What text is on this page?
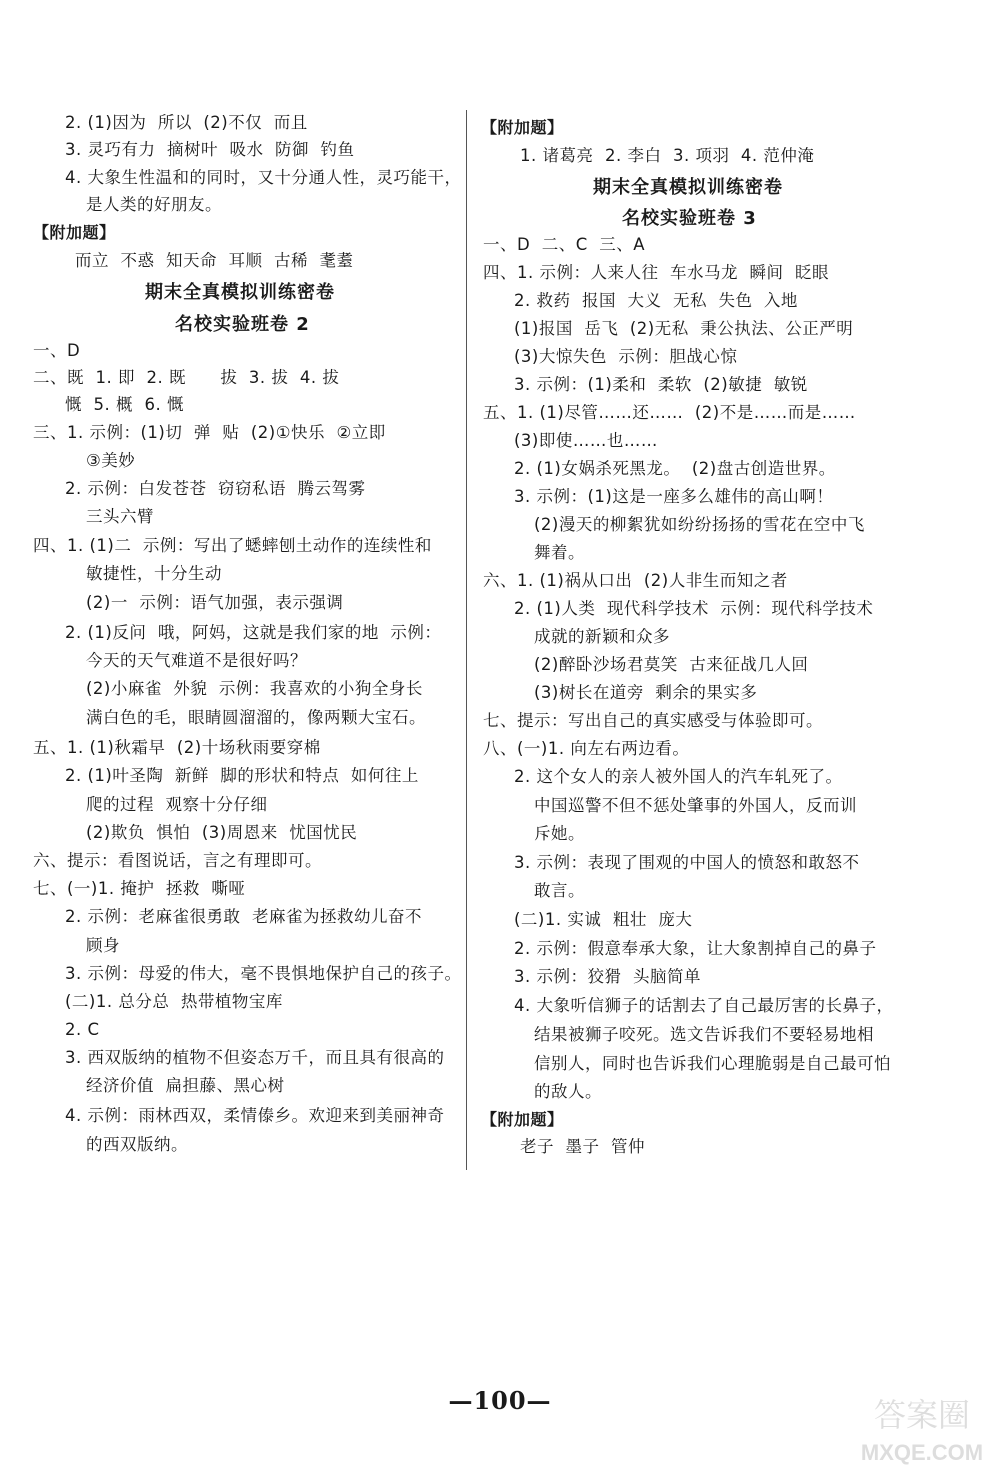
2. (1)因为  所以  (2)不仅  而且
3. 灵巧有力  摘树叶  吸水  防御  钓鱼
4. 大象生性温和的同时，又十分通人性，灵巧能干，
是人类的好朋友。
【附加题】
而立  不惑  知天命  耳顺  古稀  耄耋
期末全真模拟训练密卷
名校实验班卷 2
一、D
二、既  1. 即  2. 既      拔  3. 拔  4. 拔
慨  5. 概  6. 慨
三、1. 示例：(1)切  弹  贴  (2)①快乐  ②立即
③美妙
2. 示例：白发苍苍  窃窃私语  腾云驾雾
三头六臂
四、1. (1)二  示例：写出了蟋蟀刨土动作的连续性和
敏捷性，十分生动
(2)一  示例：语气加强，表示强调
2. (1)反问  哦，阿妈，这就是我们家的地  示例：
今天的天气难道不是很好吗？
(2)小麻雀  外貌  示例：我喜欢的小狗全身长
满白色的毛，眼睛圆溜溜的，像两颗大宝石。
五、1. (1)秋霜早  (2)十场秋雨要穿棉
2. (1)叶圣陶  新鲜  脚的形状和特点  如何往上
爬的过程  观察十分仔细
(2)欺负  惧怕  (3)周恩来  忧国忧民
六、提示：看图说话，言之有理即可。
七、(一)1. 掩护  拯救  嘶哑
2. 示例：老麻雀很勇敢  老麻雀为拯救幼儿奋不
顾身
3. 示例：母爱的伟大，毫不畏惧地保护自己的孩子。
(二)1. 总分总  热带植物宝库
2. C
3. 西双版纳的植物不但姿态万千，而且具有很高的
经济价值  扁担藤、黑心树
4. 示例：雨林西双，柔情傣乡。欢迎来到美丽神奇
的西双版纳。
【附加题】
1. 诸葛亮  2. 李白  3. 项羽  4. 范仲淹
期末全真模拟训练密卷
名校实验班卷 3
一、D  二、C  三、A
四、1. 示例：人来人往  车水马龙  瞬间  眨眼
2. 救药  报国  大义  无私  失色  入地
(1)报国  岳飞  (2)无私  秉公执法、公正严明
(3)大惊失色  示例：胆战心惊
3. 示例：(1)柔和  柔软  (2)敏捷  敏锐
五、1. (1)尽管……还……  (2)不是……而是……
(3)即使……也……
2. (1)女娲杀死黑龙。  (2)盘古创造世界。
3. 示例：(1)这是一座多么雄伟的高山啊！
(2)漫天的柳絮犹如纷纷扬扬的雪花在空中飞
舞着。
六、1. (1)祸从口出  (2)人非生而知之者
2. (1)人类  现代科学技术  示例：现代科学技术
成就的新颖和众多
(2)醉卧沙场君莫笑  古来征战几人回
(3)树长在道旁  剩余的果实多
七、提示：写出自己的真实感受与体验即可。
八、(一)1. 向左右两边看。
2. 这个女人的亲人被外国人的汽车轧死了。
中国巡警不但不惩处肇事的外国人，反而训
斥她。
3. 示例：表现了围观的中国人的愤怒和敢怒不
敢言。
(二)1. 实诚  粗壮  庞大
2. 示例：假意奉承大象，让大象割掉自己的鼻子
3. 示例：狡猾  头脑简单
4. 大象听信狮子的话割去了自己最厉害的长鼻子，
结果被狮子咬死。选文告诉我们不要轻易地相
信别人，同时也告诉我们心理脆弱是自己最可怕
的敌人。
【附加题】
老子  墨子  管仲
—100—	答案圈
MXQE.COM
